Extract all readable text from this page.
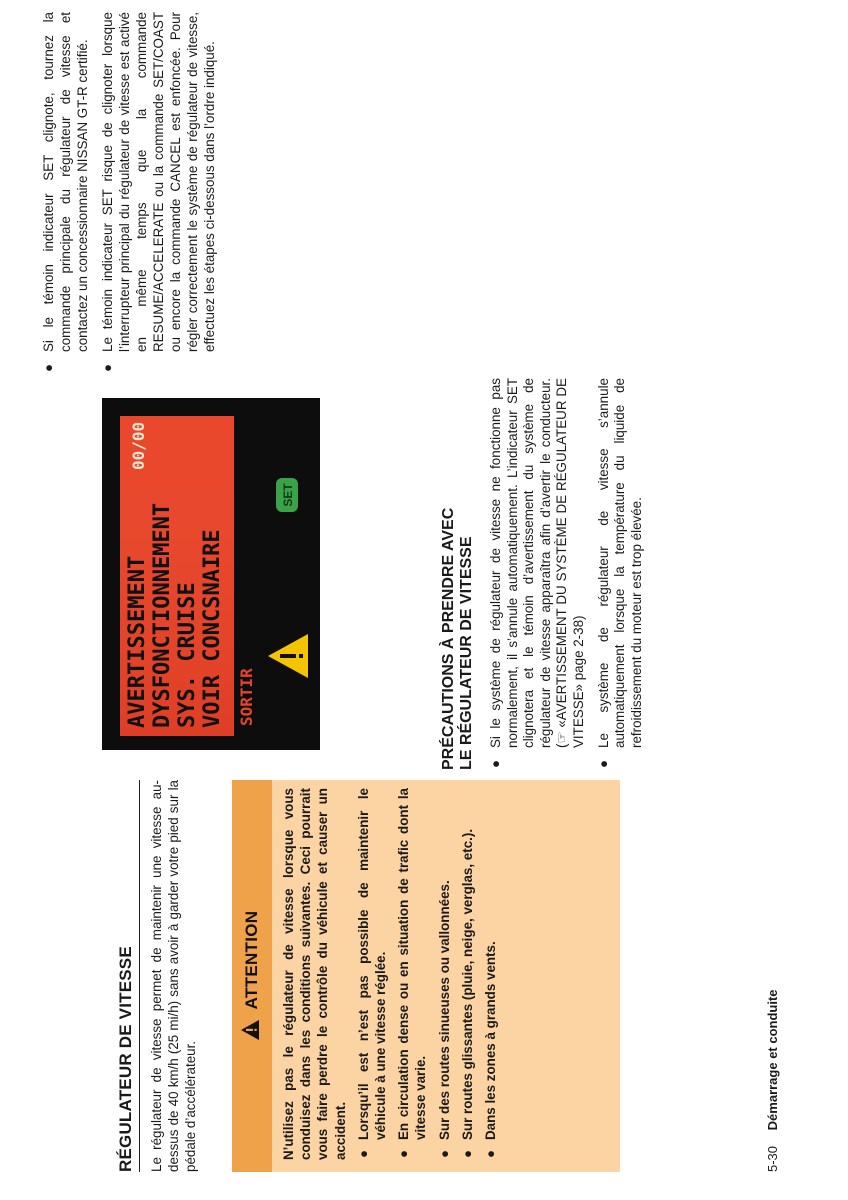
RÉGULATEUR DE VITESSE Le régulateur de vitesse permet de maintenir une vitesse au-dessus de 40 km/h (25 mi/h) sans avoir à garder votre pied sur la pédale d’accélérateur.

ATTENTION N’utilisez pas le régulateur de vitesse lorsque vous conduisez dans les conditions suivantes. Ceci pourrait vous faire perdre le contrôle du véhicule et causer un accident. ●
Lorsqu’il est n’est pas possible de maintenir le véhicule à une vitesse réglée.
●
En circulation dense ou en situation de trafic dont la vitesse varie.
●
Sur des routes sinueuses ou vallonnées.
●
Sur routes glissantes (pluie, neige, verglas, etc.).
●
Dans les zones à grands vents.
5-30 Démarrage et conduite
AVERTISSEMENT
00/00
DYSFONCTIONNEMENT SYS. CRUISE VOIR CONCSNAIRE SORTIR
SET
PRÉCAUTIONS À PRENDRE AVEC LE RÉGULATEUR DE VITESSE ●
Si le système de régulateur de vitesse ne fonctionne pas normalement, il s’annule automatiquement. L’indicateur SET clignotera et le témoin d’avertissement du système de régulateur de vitesse apparaîtra afin d’avertir le conducteur. (☞ «AVERTISSEMENT DU SYSTÈME DE RÉGULATEUR DE VITESSE» page 2-38)
●
Le système de régulateur de vitesse s’annule automatiquement lorsque la température du liquide de refroidissement du moteur est trop élevée.
●
Si le témoin indicateur SET clignote, tournez la commande principale du régulateur de vitesse et contactez un concessionnaire NISSAN GT-R certifié.
●
Le témoin indicateur SET risque de clignoter lorsque l’interrupteur principal du régulateur de vitesse est activé en même temps que la commande RESUME/ACCELERATE ou la commande SET/COAST ou encore la commande CANCEL est enfoncée. Pour régler correctement le système de régulateur de vitesse, effectuez les étapes ci-dessous dans l’ordre indiqué.
